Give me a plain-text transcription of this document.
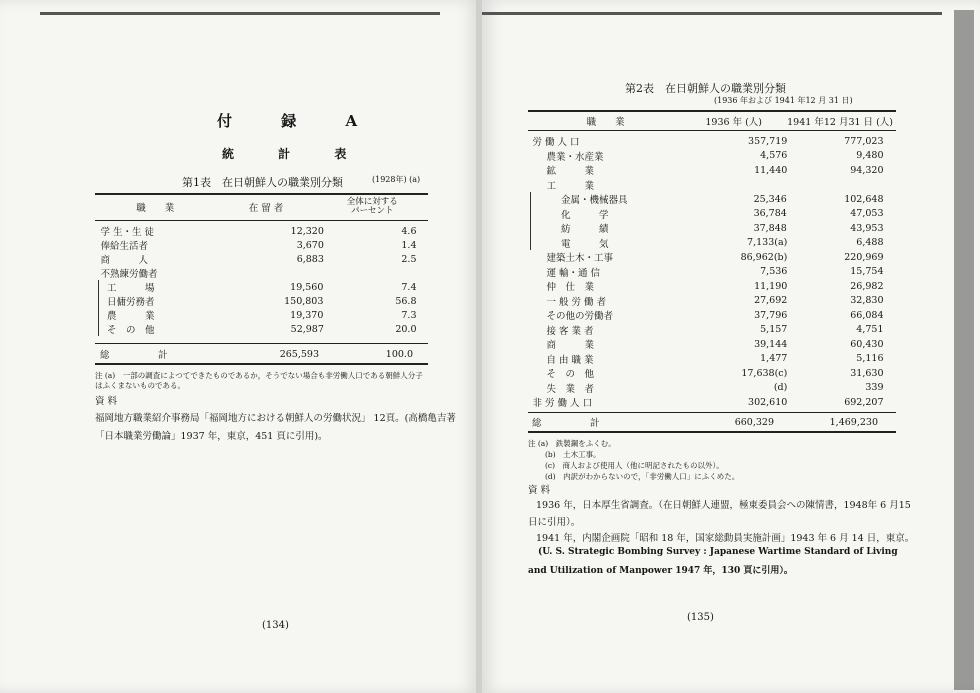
付 録 A
統 計 表
第1表　在日朝鮮人の職業別分類	(1928年) (a)
職　　業	在 留 者	全体に対する
パーセント
学 生・生 徒	12,320	4.6	
俸給生活者	3,670	1.4	
商　　　人	6,883	2.5	
不熟練労働者			
工　　　場	19,560	7.4	
日傭労務者	150,803	56.8	
農　　　業	19,370	7.3	
そ　の　他	52,987	20.0	
総　　　計	265,593	100.0	
注 (a)　一部の調査によつてできたものであるか，そうでない場合も非労働人口である朝鮮人分子はふくまないものである。
資 料
福岡地方職業紹介事務局「福岡地方における朝鮮人の労働状況」 12頁。(高橋亀吉著
「日本職業労働論」1937 年，東京，451 頁に引用)。
(134)
第2表　在日朝鮮人の職業別分類
(1936 年および 1941 年12 月 31 日)
職　　業	1936 年 (人)	1941 年12 月31 日 (人)
労 働 人 口	357,719	777,023	
農業・水産業	4,576	9,480	
鉱　　　業	11,440	94,320	
工　　　業			
金属・機械器具	25,346	102,648	
化　　　学	36,784	47,053	
紡　　　績	37,848	43,953	
電　　　気	7,133(a)	6,488	
建築土木・工事	86,962(b)	220,969	
運 輸・通 信	7,536	15,754	
仲　仕　業	11,190	26,982	
一 般 労 働 者	27,692	32,830	
その他の労働者	37,796	66,084	
接 客 業 者	5,157	4,751	
商　　　業	39,144	60,430	
自 由 職 業	1,477	5,116	
そ　の　他	17,638(c)	31,630	
失　業　者	(d)	339	
非 労 働 人 口	302,610	692,207	
総　　　計	660,329	1,469,230	
注 (a)　鉄製鋼をふくむ。
(b)　土木工事。
(c)　商人および使用人（他に明記されたもの以外）。
(d)　内訳がわからないので，「非労働人口」にふくめた。
資 料
1936 年，日本厚生省調査。（在日朝鮮人連盟，極東委員会への陳情書，1948年 6 月15
日に引用）。
1941 年，内閣企画院「昭和 18 年，国家総動員実施計画」1943 年 6 月 14 日，東京。
(U. S. Strategic Bombing Survey : Japanese Wartime Standard of Living
and Utilization of Manpower 1947 年，130 頁に引用）。
(135)
